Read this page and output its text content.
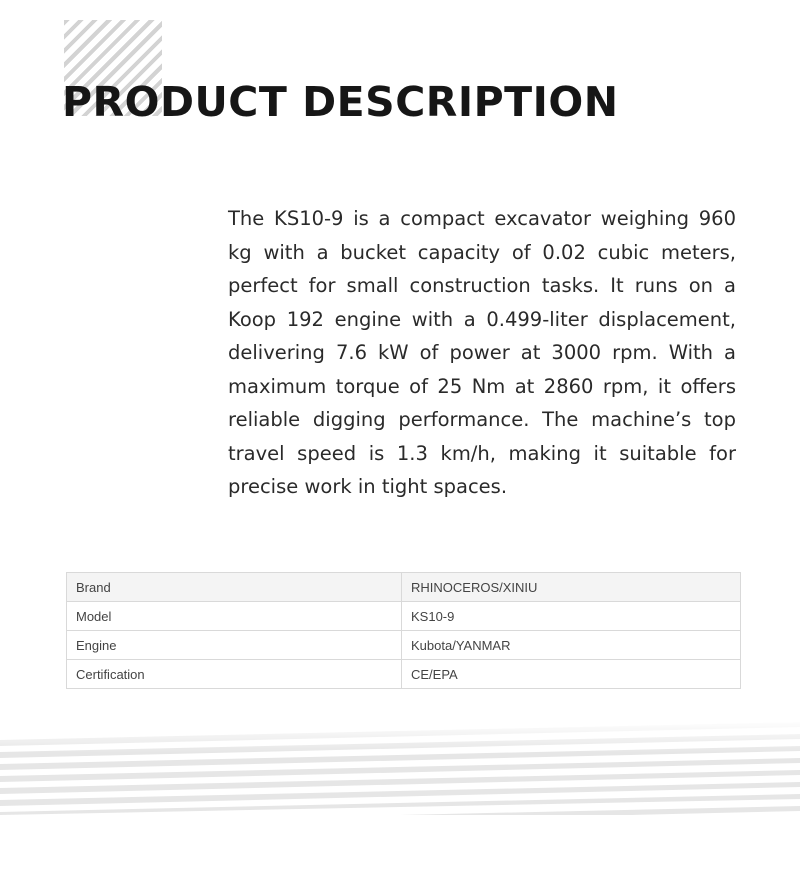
PRODUCT DESCRIPTION

The KS10-9 is a compact excavator weighing 960 kg with a bucket capacity of 0.02 cubic meters, perfect for small construction tasks. It runs on a Koop 192 engine with a 0.499-liter displacement, delivering 7.6 kW of power at 3000 rpm. With a maximum torque of 25 Nm at 2860 rpm, it offers reliable digging performance. The machine’s top travel speed is 1.3 km/h, making it suitable for precise work in tight spaces.

Brand	RHINOCEROS/XINIU
Model	KS10-9
Engine	Kubota/YANMAR
Certification	CE/EPA
